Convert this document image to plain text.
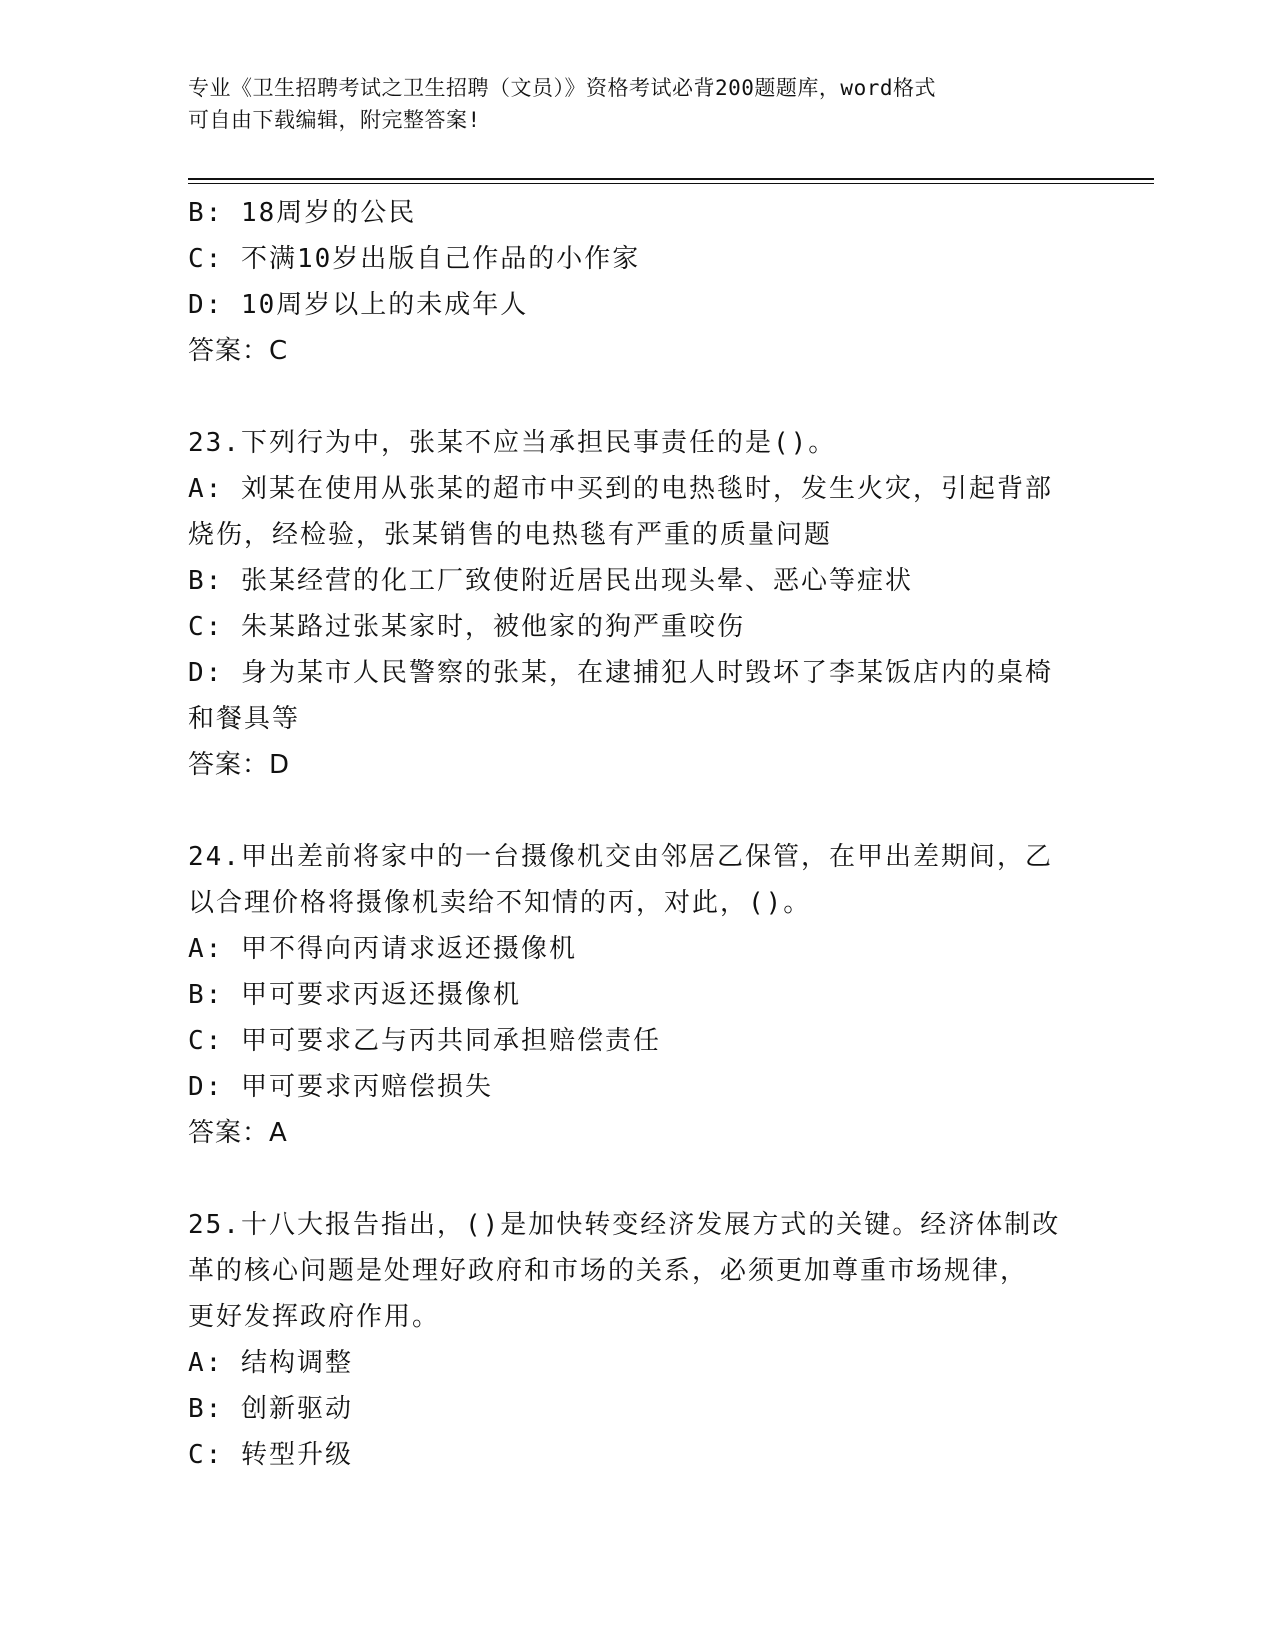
专业《卫生招聘考试之卫生招聘（文员）》资格考试必背200题题库，word格式
可自由下载编辑，附完整答案!
B: 18周岁的公民
C: 不满10岁出版自己作品的小作家
D: 10周岁以上的未成年人
答案：C
23.下列行为中，张某不应当承担民事责任的是()。
A: 刘某在使用从张某的超市中买到的电热毯时，发生火灾，引起背部
烧伤，经检验，张某销售的电热毯有严重的质量问题
B: 张某经营的化工厂致使附近居民出现头晕、恶心等症状
C: 朱某路过张某家时，被他家的狗严重咬伤
D: 身为某市人民警察的张某，在逮捕犯人时毁坏了李某饭店内的桌椅
和餐具等
答案：D
24.甲出差前将家中的一台摄像机交由邻居乙保管，在甲出差期间，乙
以合理价格将摄像机卖给不知情的丙，对此，()。
A: 甲不得向丙请求返还摄像机
B: 甲可要求丙返还摄像机
C: 甲可要求乙与丙共同承担赔偿责任
D: 甲可要求丙赔偿损失
答案：A
25.十八大报告指出，()是加快转变经济发展方式的关键。经济体制改
革的核心问题是处理好政府和市场的关系，必须更加尊重市场规律，
更好发挥政府作用。
A: 结构调整
B: 创新驱动
C: 转型升级
